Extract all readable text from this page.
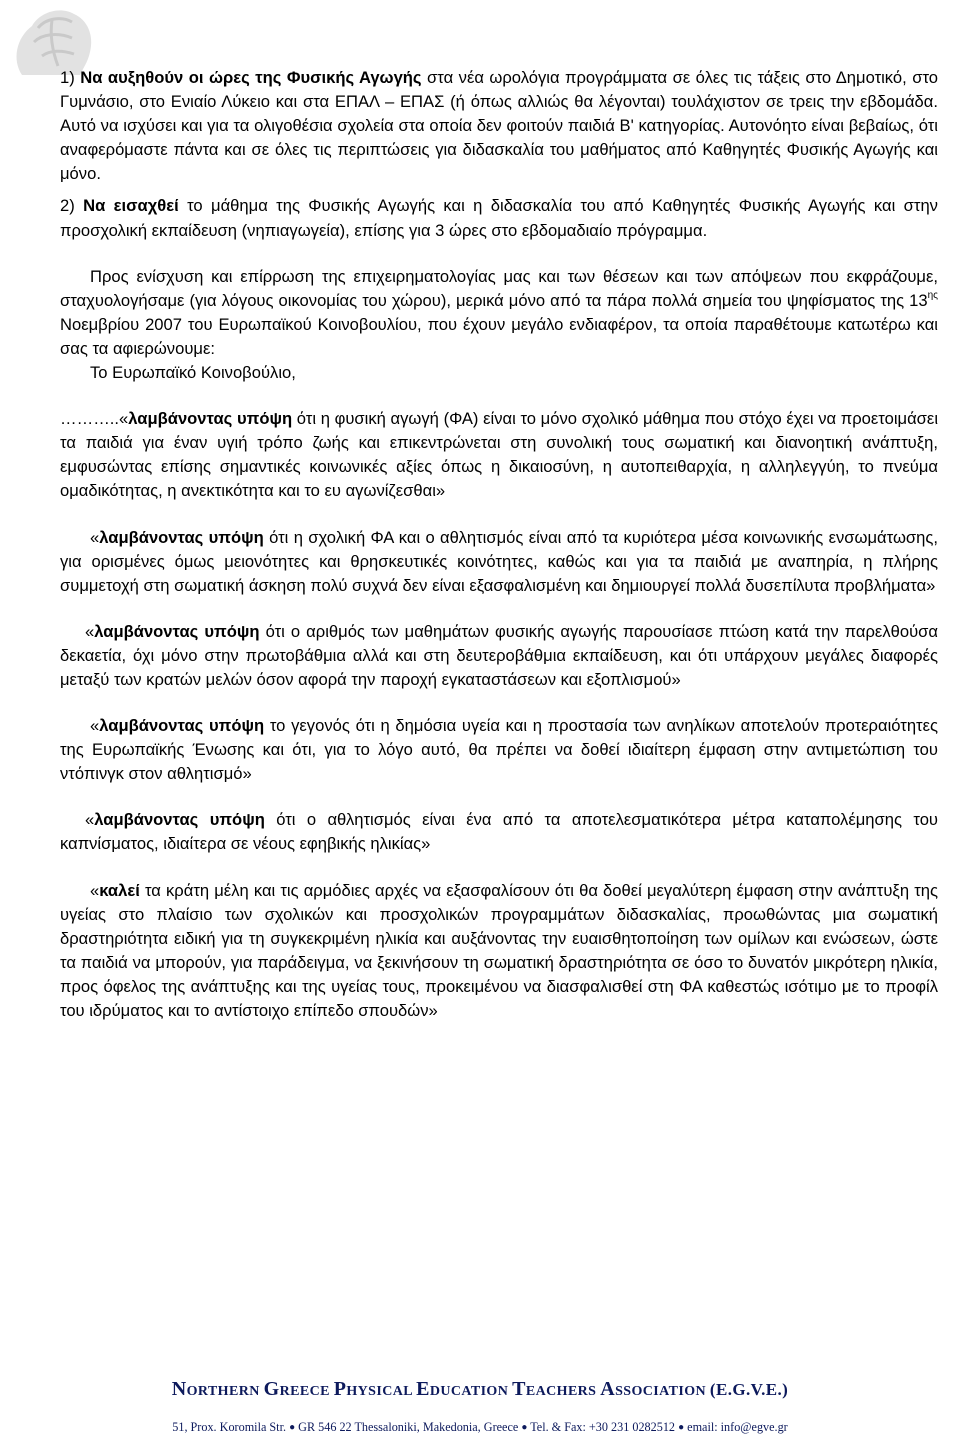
1) Να αυξηθούν οι ώρες της Φυσικής Αγωγής στα νέα ωρολόγια προγράμματα σε όλες τις τάξεις στο Δημοτικό, στο Γυμνάσιο, στο Ενιαίο Λύκειο και στα ΕΠΑΛ – ΕΠΑΣ (ή όπως αλλιώς θα λέγονται) τουλάχιστον σε τρεις την εβδομάδα. Αυτό να ισχύσει και για τα ολιγοθέσια σχολεία στα οποία δεν φοιτούν παιδιά Β' κατηγορίας. Αυτονόητο είναι βεβαίως, ότι αναφερόμαστε πάντα και σε όλες τις περιπτώσεις για διδασκαλία του μαθήματος από Καθηγητές Φυσικής Αγωγής και μόνο.

2) Να εισαχθεί το μάθημα της Φυσικής Αγωγής και η διδασκαλία του από Καθηγητές Φυσικής Αγωγής και στην προσχολική εκπαίδευση (νηπιαγωγεία), επίσης για 3 ώρες στο εβδομαδιαίο πρόγραμμα.

Προς ενίσχυση και επίρρωση της επιχειρηματολογίας μας και των θέσεων και των απόψεων που εκφράζουμε, σταχυολογήσαμε (για λόγους οικονομίας του χώρου), μερικά μόνο από τα πάρα πολλά σημεία του ψηφίσματος της $13^{\eta\varsigma}$ Νοεμβρίου 2007 του Ευρωπαϊκού Κοινοβουλίου, που έχουν μεγάλο ενδιαφέρον, τα οποία παραθέτουμε κατωτέρω και σας τα αφιερώνουμε:

Το Ευρωπαϊκό Κοινοβούλιο,

………..«λαμβάνοντας υπόψη ότι η φυσική αγωγή (ΦΑ) είναι το μόνο σχολικό μάθημα που στόχο έχει να προετοιμάσει τα παιδιά για έναν υγιή τρόπο ζωής και επικεντρώνεται στη συνολική τους σωματική και διανοητική ανάπτυξη, εμφυσώντας επίσης σημαντικές κοινωνικές αξίες όπως η δικαιοσύνη, η αυτοπειθαρχία, η αλληλεγγύη, το πνεύμα ομαδικότητας, η ανεκτικότητα και το ευ αγωνίζεσθαι»

«λαμβάνοντας υπόψη ότι η σχολική ΦΑ και ο αθλητισμός είναι από τα κυριότερα μέσα κοινωνικής ενσωμάτωσης, για ορισμένες όμως μειονότητες και θρησκευτικές κοινότητες, καθώς και για τα παιδιά με αναπηρία, η πλήρης συμμετοχή στη σωματική άσκηση πολύ συχνά δεν είναι εξασφαλισμένη και δημιουργεί πολλά δυσεπίλυτα προβλήματα»

«λαμβάνοντας υπόψη ότι ο αριθμός των μαθημάτων φυσικής αγωγής παρουσίασε πτώση κατά την παρελθούσα δεκαετία, όχι μόνο στην πρωτοβάθμια αλλά και στη δευτεροβάθμια εκπαίδευση, και ότι υπάρχουν μεγάλες διαφορές μεταξύ των κρατών μελών όσον αφορά την παροχή εγκαταστάσεων και εξοπλισμού»

«λαμβάνοντας υπόψη το γεγονός ότι η δημόσια υγεία και η προστασία των ανηλίκων αποτελούν προτεραιότητες της Ευρωπαϊκής Ένωσης και ότι, για το λόγο αυτό, θα πρέπει να δοθεί ιδιαίτερη έμφαση στην αντιμετώπιση του ντόπινγκ στον αθλητισμό»

«λαμβάνοντας υπόψη ότι ο αθλητισμός είναι ένα από τα αποτελεσματικότερα μέτρα καταπολέμησης του καπνίσματος, ιδιαίτερα σε νέους εφηβικής ηλικίας»

«καλεί τα κράτη μέλη και τις αρμόδιες αρχές να εξασφαλίσουν ότι θα δοθεί μεγαλύτερη έμφαση στην ανάπτυξη της υγείας στο πλαίσιο των σχολικών και προσχολικών προγραμμάτων διδασκαλίας, προωθώντας μια σωματική δραστηριότητα ειδική για τη συγκεκριμένη ηλικία και αυξάνοντας την ευαισθητοποίηση των ομίλων και ενώσεων, ώστε τα παιδιά να μπορούν, για παράδειγμα, να ξεκινήσουν τη σωματική δραστηριότητα σε όσο το δυνατόν μικρότερη ηλικία, προς όφελος της ανάπτυξης και της υγείας τους, προκειμένου να διασφαλισθεί στη ΦΑ καθεστώς ισότιμο με το προφίλ του ιδρύματος και το αντίστοιχο επίπεδο σπουδών»

NORTHERN GREECE PHYSICAL EDUCATION TEACHERS ASSOCIATION (E.G.V.E.)
51, Prox. Koromila Str. ● GR 546 22 Thessaloniki, Makedonia, Greece ● Tel. & Fax: +30 231 0282512 ● email: info@egve.gr
